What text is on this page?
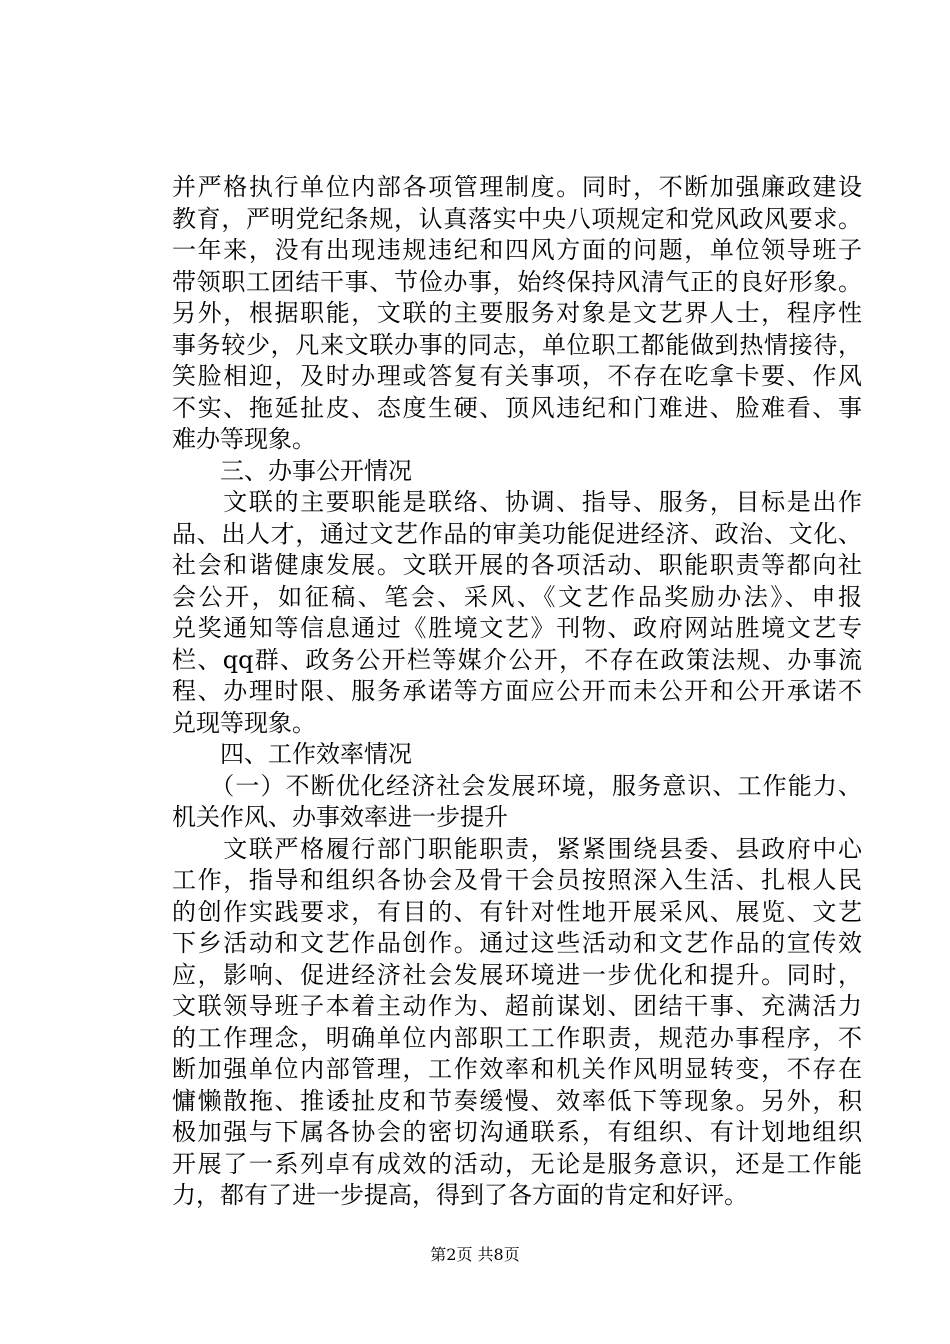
并严格执行单位内部各项管理制度。同时，不断加强廉政建设
教育，严明党纪条规，认真落实中央八项规定和党风政风要求。
一年来，没有出现违规违纪和四风方面的问题，单位领导班子
带领职工团结干事、节俭办事，始终保持风清气正的良好形象。
另外，根据职能，文联的主要服务对象是文艺界人士，程序性
事务较少，凡来文联办事的同志，单位职工都能做到热情接待，
笑脸相迎，及时办理或答复有关事项，不存在吃拿卡要、作风
不实、拖延扯皮、态度生硬、顶风违纪和门难进、脸难看、事
难办等现象。
三、办事公开情况
　　文联的主要职能是联络、协调、指导、服务，目标是出作
品、出人才，通过文艺作品的审美功能促进经济、政治、文化、
社会和谐健康发展。文联开展的各项活动、职能职责等都向社
会公开，如征稿、笔会、采风、《文艺作品奖励办法》、申报
兑奖通知等信息通过《胜境文艺》刊物、政府网站胜境文艺专
栏、qq群、政务公开栏等媒介公开，不存在政策法规、办事流
程、办理时限、服务承诺等方面应公开而未公开和公开承诺不
兑现等现象。
四、工作效率情况
　　（一）不断优化经济社会发展环境，服务意识、工作能力、
机关作风、办事效率进一步提升
　　文联严格履行部门职能职责，紧紧围绕县委、县政府中心
工作，指导和组织各协会及骨干会员按照深入生活、扎根人民
的创作实践要求，有目的、有针对性地开展采风、展览、文艺
下乡活动和文艺作品创作。通过这些活动和文艺作品的宣传效
应，影响、促进经济社会发展环境进一步优化和提升。同时，
文联领导班子本着主动作为、超前谋划、团结干事、充满活力
的工作理念，明确单位内部职工工作职责，规范办事程序，不
断加强单位内部管理，工作效率和机关作风明显转变，不存在
慵懒散拖、推诿扯皮和节奏缓慢、效率低下等现象。另外，积
极加强与下属各协会的密切沟通联系，有组织、有计划地组织
开展了一系列卓有成效的活动，无论是服务意识，还是工作能
力，都有了进一步提高，得到了各方面的肯定和好评。
第2页 共8页
